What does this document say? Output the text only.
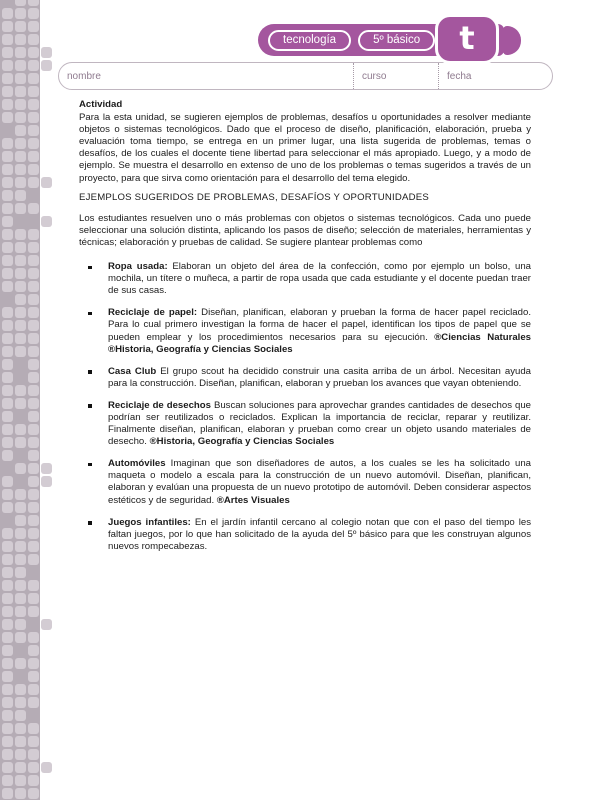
tecnología	5º básico	t
nombre	curso	fecha
Actividad

Para la esta unidad, se sugieren ejemplos de problemas, desafíos u oportunidades a resolver mediante objetos o sistemas tecnológicos. Dado que el proceso de diseño, planificación, elaboración, prueba y evaluación toma tiempo, se entrega en un primer lugar, una lista sugerida de problemas, temas o desafíos, de los cuales el docente tiene libertad para seleccionar el más apropiado. Luego, y a modo de ejemplo. Se muestra el desarrollo en extenso de uno de los problemas o temas sugeridos a través de un proyecto, para que sirva como orientación para el desarrollo del tema elegido.

EJEMPLOS SUGERIDOS DE PROBLEMAS, DESAFÍOS Y OPORTUNIDADES

Los estudiantes resuelven uno o más problemas con objetos o sistemas tecnológicos. Cada uno puede seleccionar una solución distinta, aplicando los pasos de diseño; selección de materiales, herramientas y técnicas; elaboración y pruebas de calidad. Se sugiere plantear problemas como

Ropa usada: Elaboran un objeto del área de la confección, como por ejemplo un bolso, una mochila, un títere o muñeca, a partir de ropa usada que cada estudiante y el docente puedan traer de sus casas.
Reciclaje de papel: Diseñan, planifican, elaboran y prueban la forma de hacer papel reciclado. Para lo cual primero investigan la forma de hacer el papel, identifican los tipos de papel que se pueden emplear y los procedimientos necesarios para su ejecución. ®Ciencias Naturales ®Historia, Geografía y Ciencias Sociales
Casa Club El grupo scout ha decidido construir una casita arriba de un árbol. Necesitan ayuda para la construcción. Diseñan, planifican, elaboran y prueban los avances que vayan obteniendo.
Reciclaje de desechos Buscan soluciones para aprovechar grandes cantidades de desechos que podrían ser reutilizados o reciclados. Explican la importancia de reciclar, reparar y reutilizar. Finalmente diseñan, planifican, elaboran y prueban como crear un objeto usando materiales de desecho. ®Historia, Geografía y Ciencias Sociales
Automóviles Imaginan que son diseñadores de autos, a los cuales se les ha solicitado una maqueta o modelo a escala para la construcción de un nuevo automóvil. Diseñan, planifican, elaboran y evalúan una propuesta de un nuevo prototipo de automóvil. Deben considerar aspectos estéticos y de seguridad. ®Artes Visuales
Juegos infantiles: En el jardín infantil cercano al colegio notan que con el paso del tiempo les faltan juegos, por lo que han solicitado de la ayuda del 5º básico para que les construyan algunos nuevos rompecabezas.
